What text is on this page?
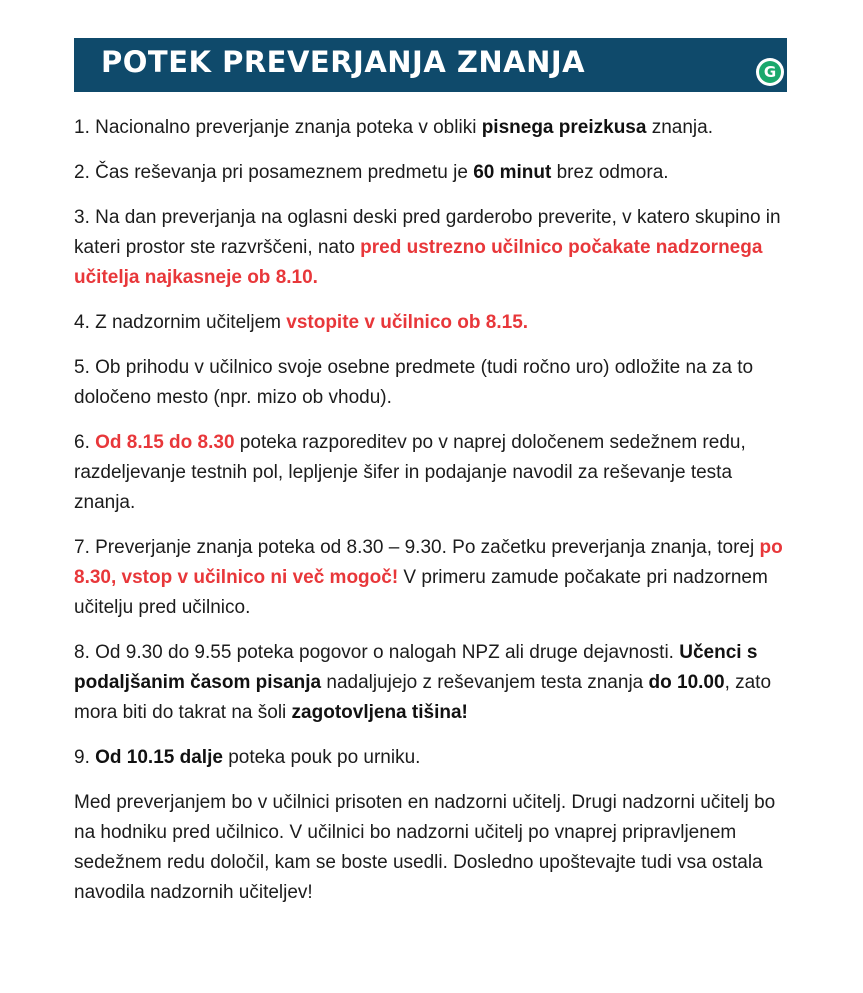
POTEK PREVERJANJA ZNANJA	G

1. Nacionalno preverjanje znanja poteka v obliki pisnega preizkusa znanja.

2. Čas reševanja pri posameznem predmetu je 60 minut brez odmora.

3. Na dan preverjanja na oglasni deski pred garderobo preverite, v katero skupino in kateri prostor ste razvrščeni, nato pred ustrezno učilnico počakate nadzornega učitelja najkasneje ob 8.10.

4. Z nadzornim učiteljem vstopite v učilnico ob 8.15.

5. Ob prihodu v učilnico svoje osebne predmete (tudi ročno uro) odložite na za to določeno mesto (npr. mizo ob vhodu).

6. Od 8.15 do 8.30 poteka razporeditev po v naprej določenem sedežnem redu, razdeljevanje testnih pol, lepljenje šifer in podajanje navodil za reševanje testa znanja.

7. Preverjanje znanja poteka od 8.30 – 9.30. Po začetku preverjanja znanja, torej po 8.30, vstop v učilnico ni več mogoč! V primeru zamude počakate pri nadzornem učitelju pred učilnico.

8. Od 9.30 do 9.55 poteka pogovor o nalogah NPZ ali druge dejavnosti. Učenci s podaljšanim časom pisanja nadaljujejo z reševanjem testa znanja do 10.00, zato mora biti do takrat na šoli zagotovljena tišina!

9. Od 10.15 dalje poteka pouk po urniku.

Med preverjanjem bo v učilnici prisoten en nadzorni učitelj. Drugi nadzorni učitelj bo na hodniku pred učilnico. V učilnici bo nadzorni učitelj po vnaprej pripravljenem sedežnem redu določil, kam se boste usedli. Dosledno upoštevajte tudi vsa ostala navodila nadzornih učiteljev!
